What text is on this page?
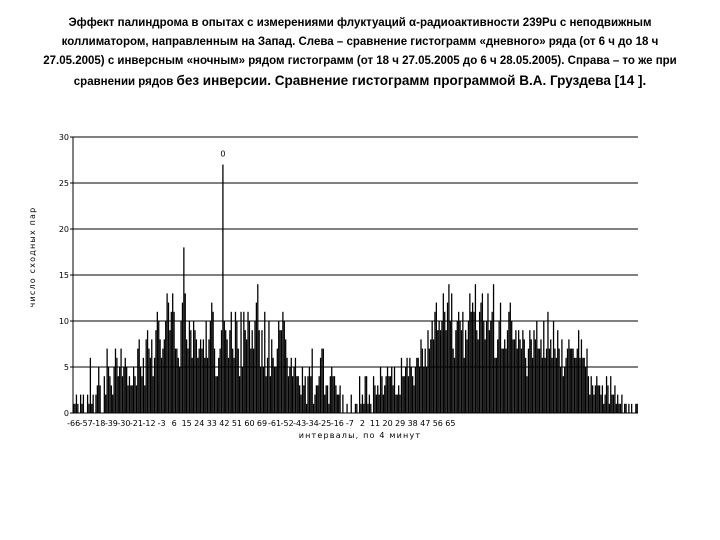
Эффект палиндрома в опытах с измерениями флуктуаций α-радиоактивности 239Pu с неподвижным коллиматором, направленным на Запад. Слева – сравнение гистограмм «дневного» ряда (от 6 ч до 18 ч 27.05.2005) с инверсным «ночным» рядом гистограмм (от 18 ч 27.05.2005 до 6 ч 28.05.2005). Справа – то же при сравнении рядов без инверсии. Сравнение гистограмм программой В.А. Груздева [14 ].
0
5
10
15
20
25
30
-66 -57 -18 -39 -30 -21 -12 -3 6 15 24 33 42 51 60 69 -61 -52 -43 -34 -25 -16 -7 2 11 20 29 38 47 56 65
0
интервалы, по 4 минут
число сходных пар
